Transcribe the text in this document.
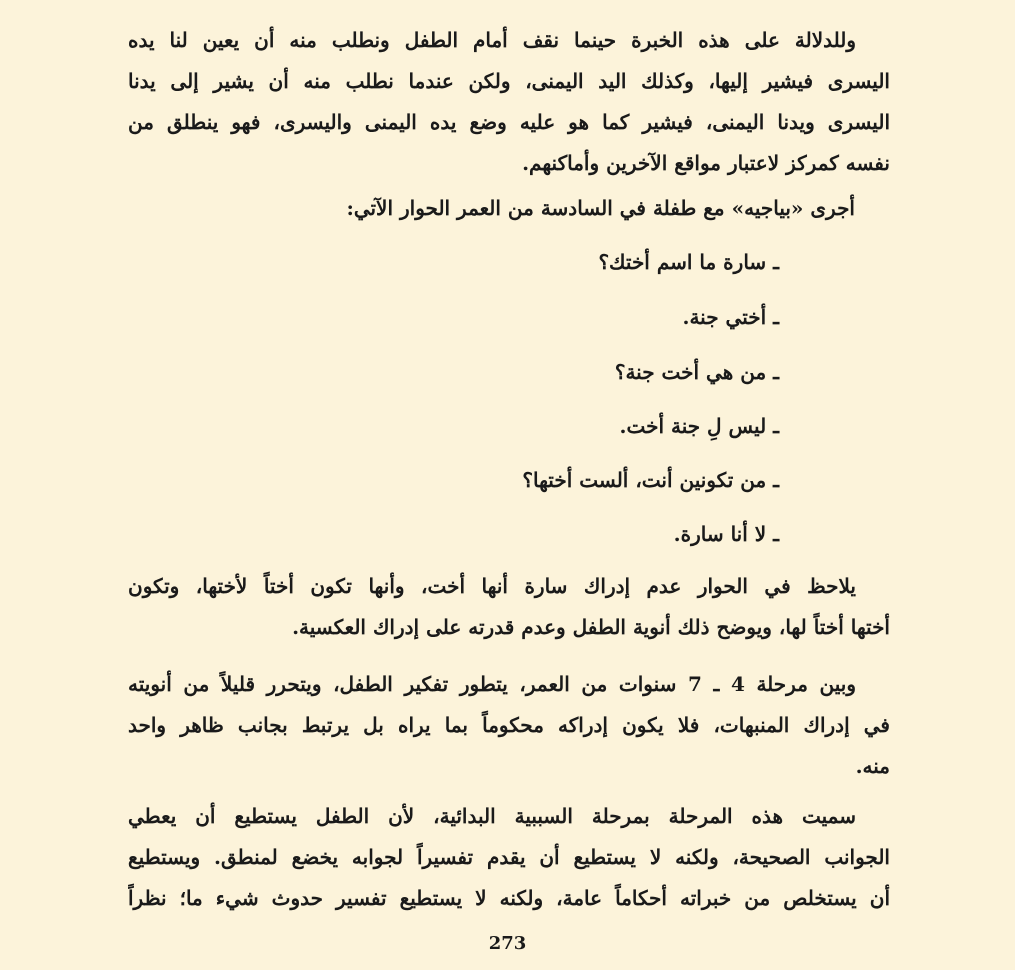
وللدلالة على هذه الخبرة حينما نقف أمام الطفل ونطلب منه أن يعين لنا يده
اليسرى فيشير إليها، وكذلك اليد اليمنى، ولكن عندما نطلب منه أن يشير إلى يدنا
اليسرى ويدنا اليمنى، فيشير كما هو عليه وضع يده اليمنى واليسرى، فهو ينطلق من
نفسه كمركز لاعتبار مواقع الآخرين وأماكنهم.
أجرى «بياجيه» مع طفلة في السادسة من العمر الحوار الآتي:
ـ سارة ما اسم أختك؟
ـ أختي جنة.
ـ من هي أخت جنة؟
ـ ليس لِ جنة أخت.
ـ من تكونين أنت، ألست أختها؟
ـ لا أنا سارة.
يلاحظ في الحوار عدم إدراك سارة أنها أخت، وأنها تكون أختاً لأختها، وتكون
أختها أختاً لها، ويوضح ذلك أنوية الطفل وعدم قدرته على إدراك العكسية.
وبين مرحلة 4 ـ 7 سنوات من العمر، يتطور تفكير الطفل، ويتحرر قليلاً من أنويته
في إدراك المنبهات، فلا يكون إدراكه محكوماً بما يراه بل يرتبط بجانب ظاهر واحد
منه.
سميت هذه المرحلة بمرحلة السببية البدائية، لأن الطفل يستطيع أن يعطي
الجوانب الصحيحة، ولكنه لا يستطيع أن يقدم تفسيراً لجوابه يخضع لمنطق. ويستطيع
أن يستخلص من خبراته أحكاماً عامة، ولكنه لا يستطيع تفسير حدوث شيء ما؛ نظراً
273
